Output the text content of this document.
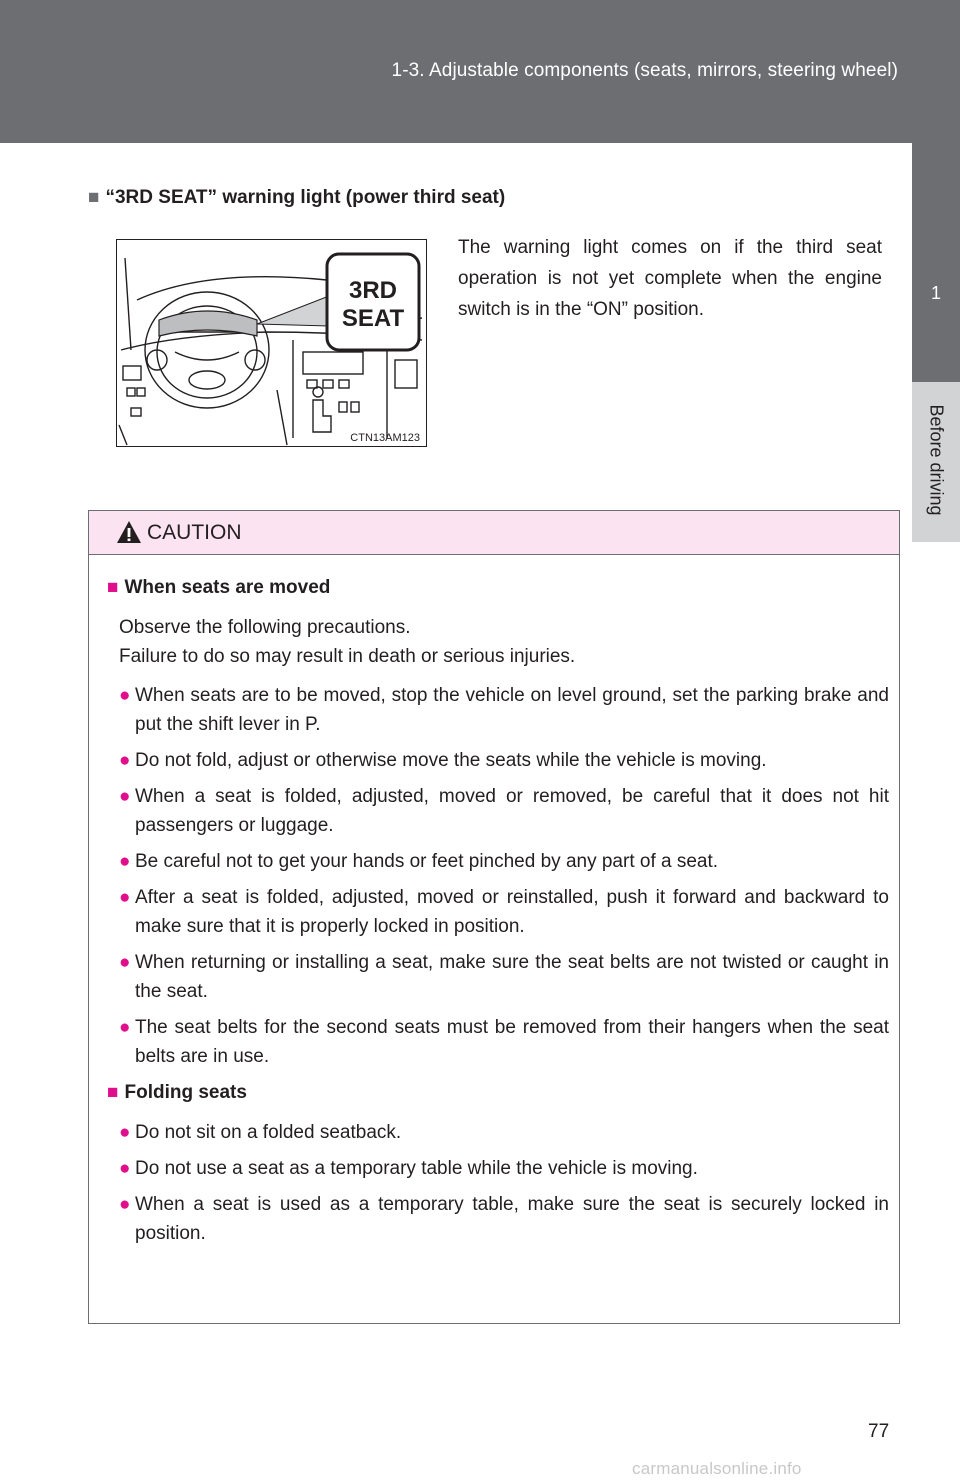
1-3. Adjustable components (seats, mirrors, steering wheel)
1
Before driving
■ “3RD SEAT” warning light (power third seat)
3RD
SEAT
CTN13AM123
The warning light comes on if the third seat operation is not yet complete when the engine switch is in the “ON” position.
CAUTION
■ When seats are moved
Observe the following precautions.
Failure to do so may result in death or serious injuries.
● When seats are to be moved, stop the vehicle on level ground, set the parking brake and put the shift lever in P.
● Do not fold, adjust or otherwise move the seats while the vehicle is moving.
● When a seat is folded, adjusted, moved or removed, be careful that it does not hit passengers or luggage.
● Be careful not to get your hands or feet pinched by any part of a seat.
● After a seat is folded, adjusted, moved or reinstalled, push it forward and backward to make sure that it is properly locked in position.
● When returning or installing a seat, make sure the seat belts are not twisted or caught in the seat.
● The seat belts for the second seats must be removed from their hangers when the seat belts are in use.
■ Folding seats
● Do not sit on a folded seatback.
● Do not use a seat as a temporary table while the vehicle is moving.
● When a seat is used as a temporary table, make sure the seat is securely locked in position.
77
carmanualsonline.info
